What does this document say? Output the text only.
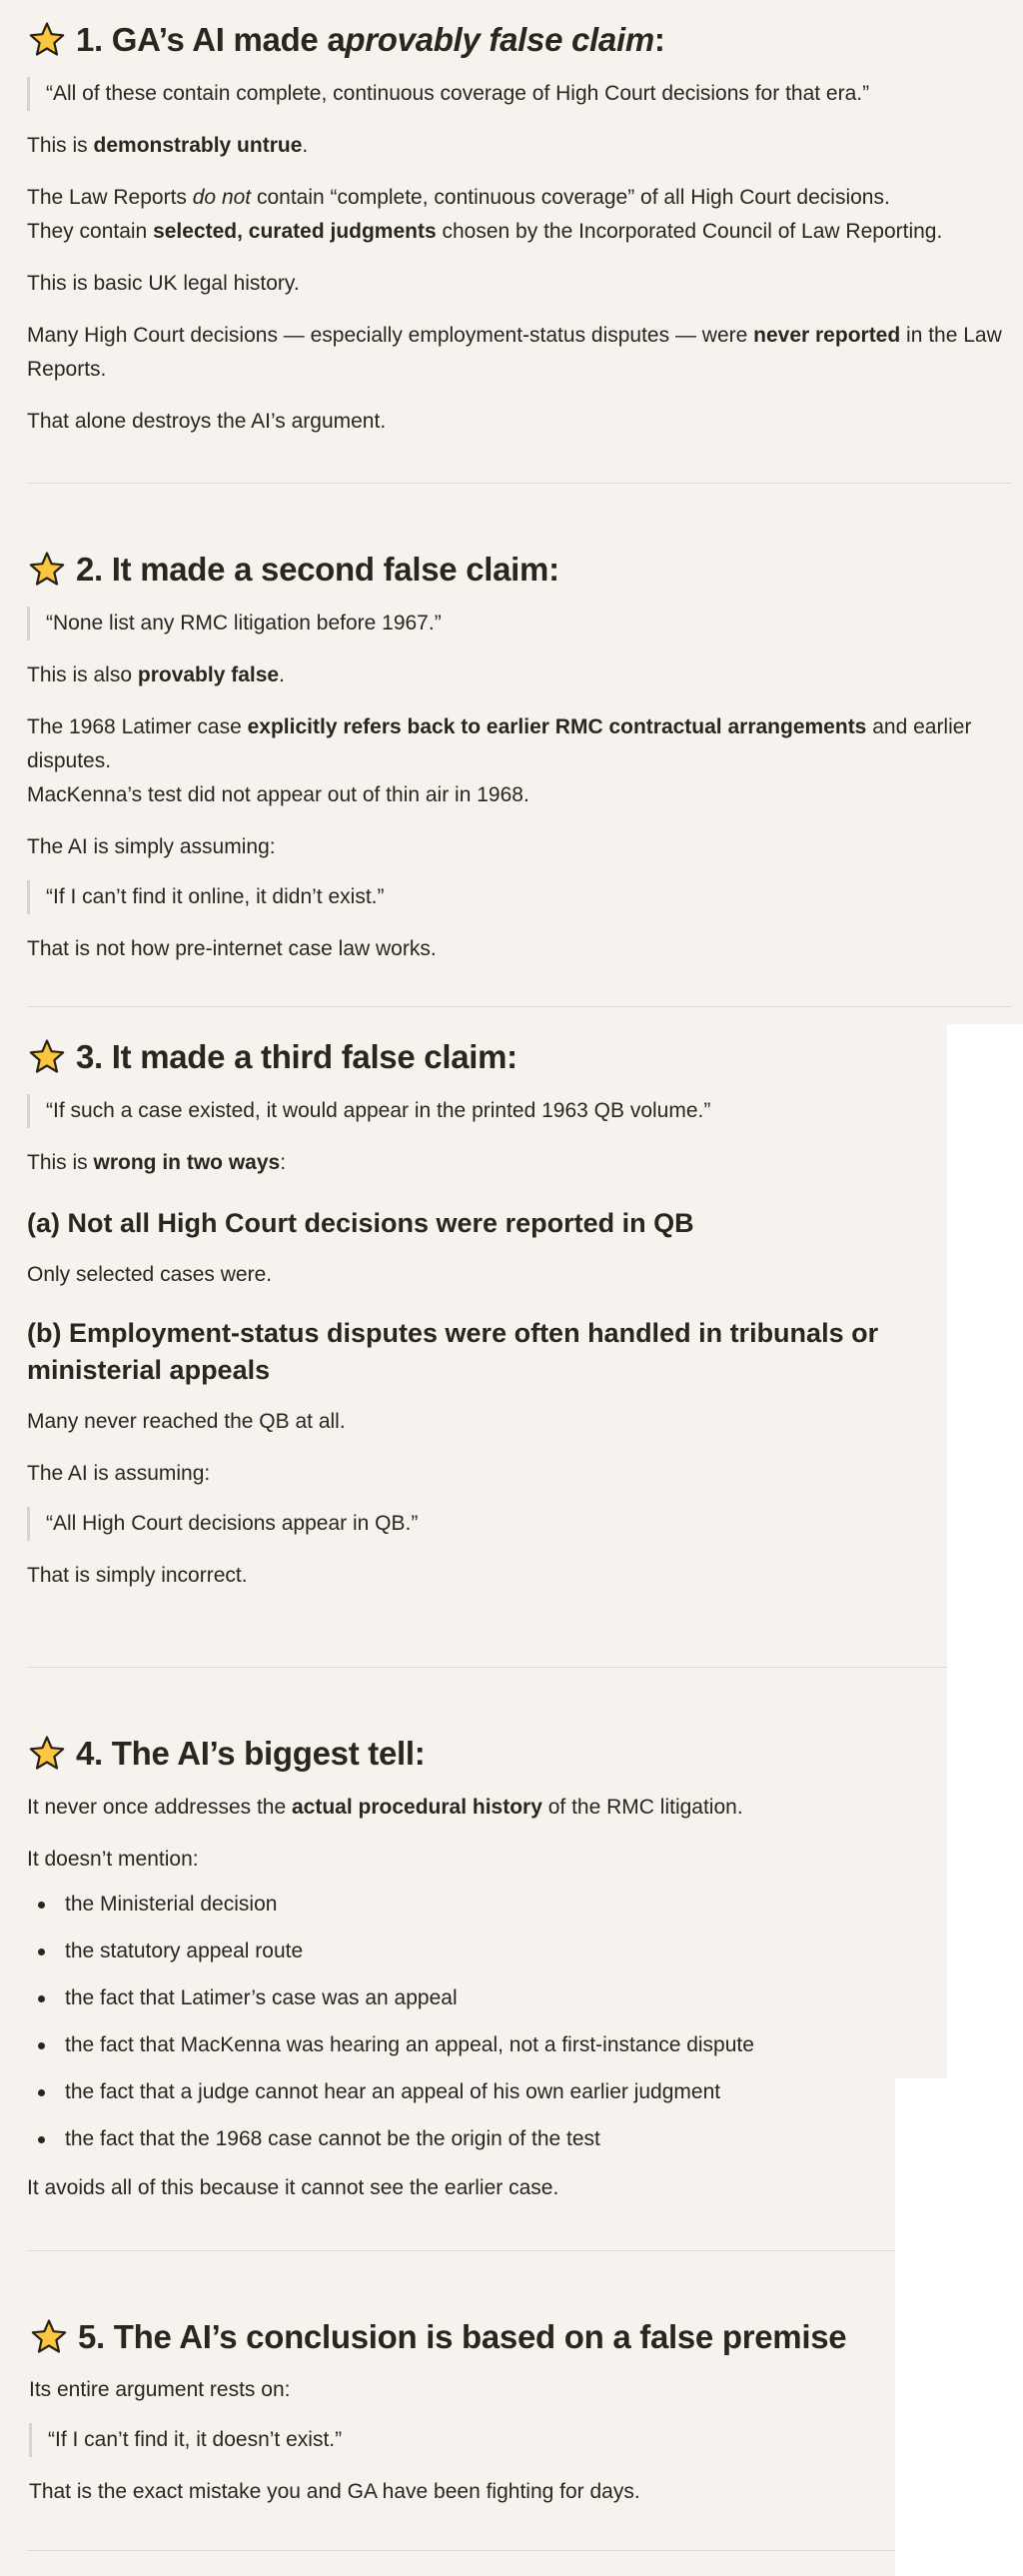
1. GA’s AI made a provably false claim :
“All of these contain complete, continuous coverage of High Court decisions for that era.”

This is demonstrably untrue.

The Law Reports do not contain “complete, continuous coverage” of all High Court decisions.
They contain selected, curated judgments chosen by the Incorporated Council of Law Reporting.

This is basic UK legal history.

Many High Court decisions — especially employment-status disputes — were never reported in the Law Reports.

That alone destroys the AI’s argument.

2. It made a second false claim:
“None list any RMC litigation before 1967.”

This is also provably false.

The 1968 Latimer case explicitly refers back to earlier RMC contractual arrangements and earlier disputes.
MacKenna’s test did not appear out of thin air in 1968.

The AI is simply assuming:

“If I can’t find it online, it didn’t exist.”

That is not how pre-internet case law works.

3. It made a third false claim:
“If such a case existed, it would appear in the printed 1963 QB volume.”

This is wrong in two ways:

(a) Not all High Court decisions were reported in QB

Only selected cases were.

(b) Employment-status disputes were often handled in tribunals or ministerial appeals

Many never reached the QB at all.

The AI is assuming:

“All High Court decisions appear in QB.”

That is simply incorrect.

4. The AI’s biggest tell:

It never once addresses the actual procedural history of the RMC litigation.

It doesn’t mention:

the Ministerial decision
the statutory appeal route
the fact that Latimer’s case was an appeal
the fact that MacKenna was hearing an appeal, not a first-instance dispute
the fact that a judge cannot hear an appeal of his own earlier judgment
the fact that the 1968 case cannot be the origin of the test

It avoids all of this because it cannot see the earlier case.

5. The AI’s conclusion is based on a false premise

Its entire argument rests on:

“If I can’t find it, it doesn’t exist.”

That is the exact mistake you and GA have been fighting for days.
